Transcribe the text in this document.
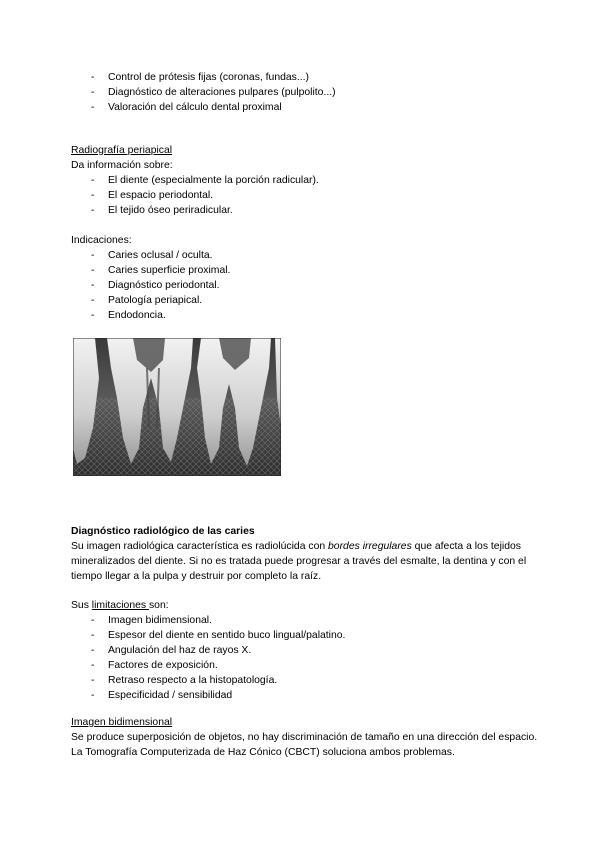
- Control de prótesis fijas (coronas, fundas...)
- Diagnóstico de alteraciones pulpares (pulpolito...)
- Valoración del cálculo dental proximal
Radiografía periapical
Da información sobre:
- El diente (especialmente la porción radicular).
- El espacio periodontal.
- El tejido óseo periradicular.
Indicaciones:
- Caries oclusal / oculta.
- Caries superficie proximal.
- Diagnóstico periodontal.
- Patología periapical.
- Endodoncia.
Diagnóstico radiológico de las caries
Su imagen radiológica característica es radiolúcida con bordes irregulares que afecta a los tejidos mineralizados del diente. Si no es tratada puede progresar a través del esmalte, la dentina y con el tiempo llegar a la pulpa y destruir por completo la raíz.
Sus limitaciones son:
- Imagen bidimensional.
- Espesor del diente en sentido buco lingual/palatino.
- Angulación del haz de rayos X.
- Factores de exposición.
- Retraso respecto a la histopatología.
- Especificidad / sensibilidad
Imagen bidimensional
Se produce superposición de objetos, no hay discriminación de tamaño en una dirección del espacio.
La Tomografía Computerizada de Haz Cónico (CBCT) soluciona ambos problemas.
